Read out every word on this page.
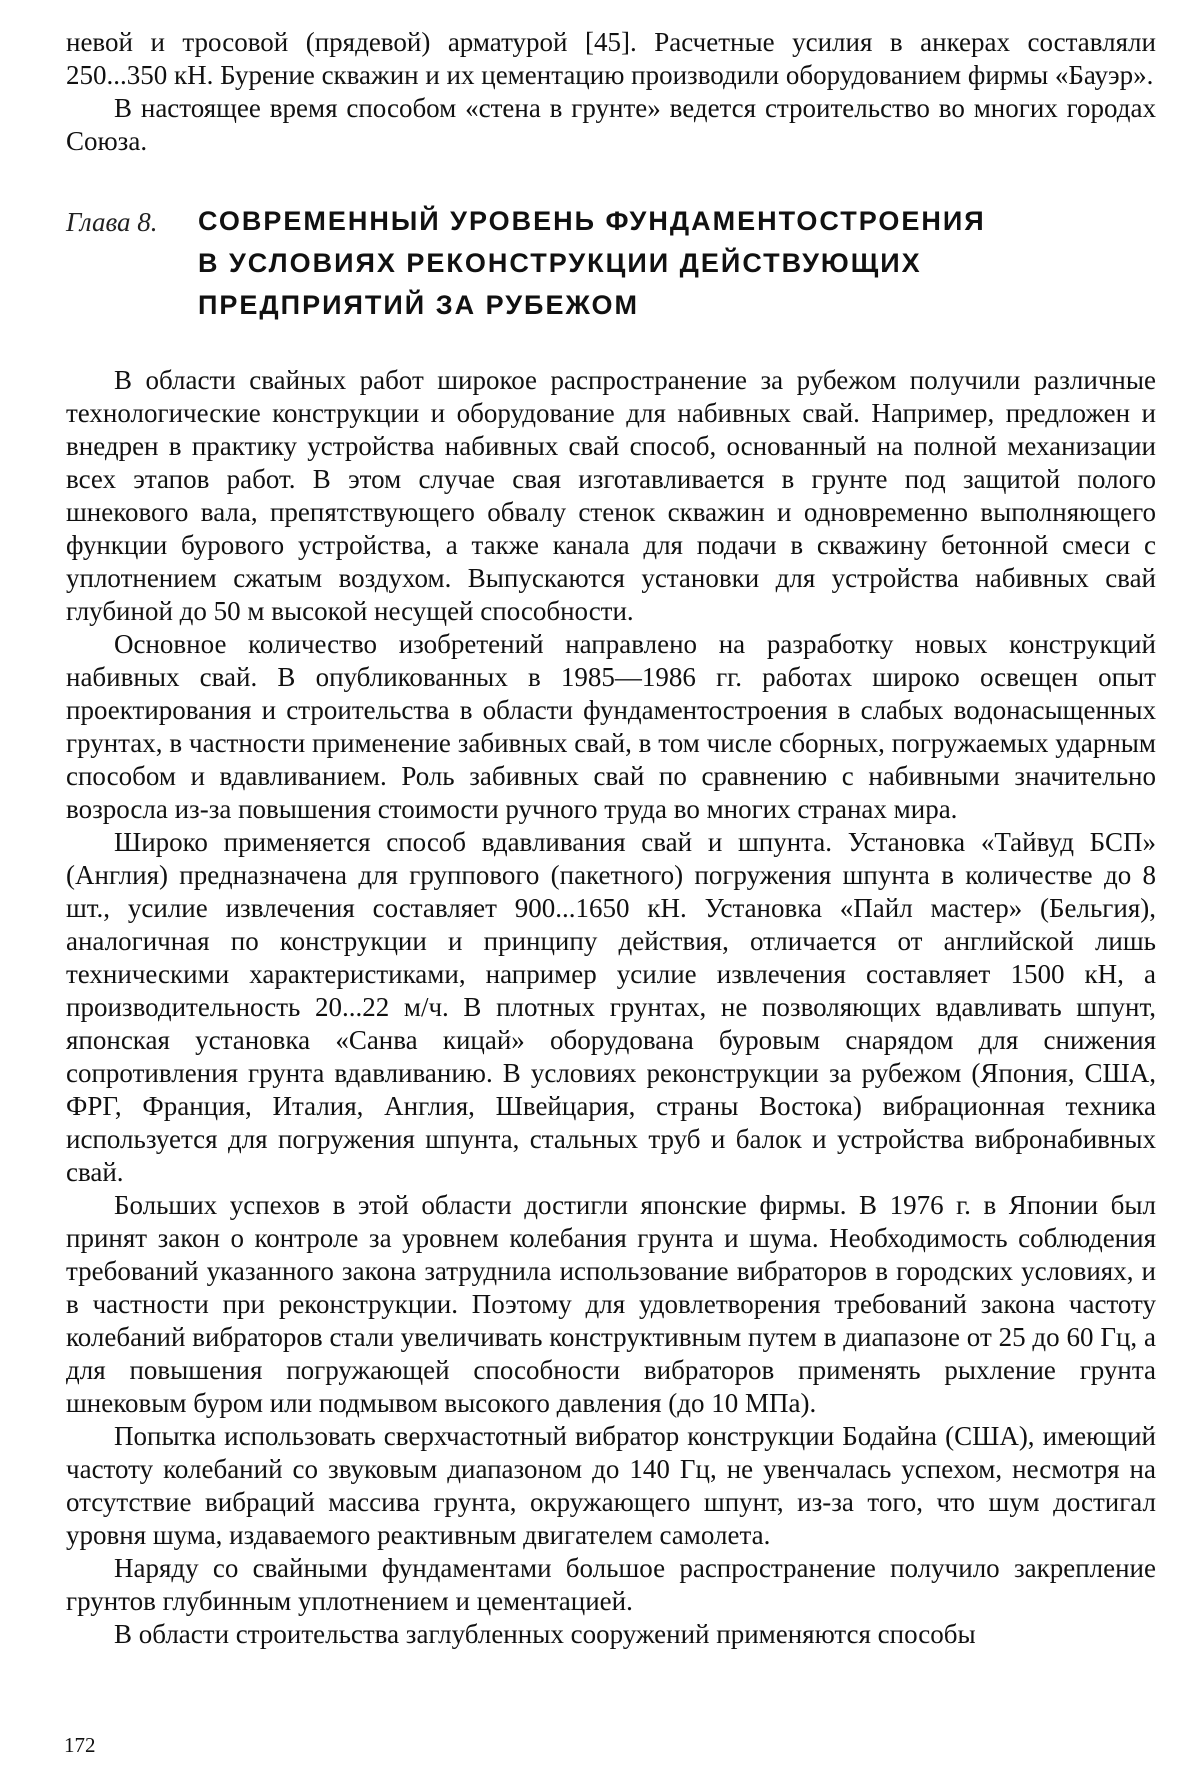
невой и тросовой (прядевой) арматурой [45]. Расчетные усилия в анкерах составляли 250...350 кН. Бурение скважин и их цементацию производили оборудованием фирмы «Бауэр».

В настоящее время способом «стена в грунте» ведется строительство во многих городах Союза.

Глава 8. СОВРЕМЕННЫЙ УРОВЕНЬ ФУНДАМЕНТОСТРОЕНИЯ
В УСЛОВИЯХ РЕКОНСТРУКЦИИ ДЕЙСТВУЮЩИХ
ПРЕДПРИЯТИЙ ЗА РУБЕЖОМ

В области свайных работ широкое распространение за рубежом получили различные технологические конструкции и оборудование для набивных свай. Например, предложен и внедрен в практику устройства набивных свай способ, основанный на полной механизации всех этапов работ. В этом случае свая изготавливается в грунте под защитой полого шнекового вала, препятствующего обвалу стенок скважин и одновременно выполняющего функции бурового устройства, а также канала для подачи в скважину бетонной смеси с уплотнением сжатым воздухом. Выпускаются установки для устройства набивных свай глубиной до 50 м высокой несущей способности.

Основное количество изобретений направлено на разработку новых конструкций набивных свай. В опубликованных в 1985—1986 гг. работах широко освещен опыт проектирования и строительства в области фундаментостроения в слабых водонасыщенных грунтах, в частности применение забивных свай, в том числе сборных, погружаемых ударным способом и вдавливанием. Роль забивных свай по сравнению с набивными значительно возросла из-за повышения стоимости ручного труда во многих странах мира.

Широко применяется способ вдавливания свай и шпунта. Установка «Тайвуд БСП» (Англия) предназначена для группового (пакетного) погружения шпунта в количестве до 8 шт., усилие извлечения составляет 900...1650 кН. Установка «Пайл мастер» (Бельгия), аналогичная по конструкции и принципу действия, отличается от английской лишь техническими характеристиками, например усилие извлечения составляет 1500 кН, а производительность 20...22 м/ч. В плотных грунтах, не позволяющих вдавливать шпунт, японская установка «Санва кицай» оборудована буровым снарядом для снижения сопротивления грунта вдавливанию. В условиях реконструкции за рубежом (Япония, США, ФРГ, Франция, Италия, Англия, Швейцария, страны Востока) вибрационная техника используется для погружения шпунта, стальных труб и балок и устройства вибронабивных свай.

Больших успехов в этой области достигли японские фирмы. В 1976 г. в Японии был принят закон о контроле за уровнем колебания грунта и шума. Необходимость соблюдения требований указанного закона затруднила использование вибраторов в городских условиях, и в частности при реконструкции. Поэтому для удовлетворения требований закона частоту колебаний вибраторов стали увеличивать конструктивным путем в диапазоне от 25 до 60 Гц, а для повышения погружающей способности вибраторов применять рыхление грунта шнековым буром или подмывом высокого давления (до 10 МПа).

Попытка использовать сверхчастотный вибратор конструкции Бодайна (США), имеющий частоту колебаний со звуковым диапазоном до 140 Гц, не увенчалась успехом, несмотря на отсутствие вибраций массива грунта, окружающего шпунт, из-за того, что шум достигал уровня шума, издаваемого реактивным двигателем самолета.

Наряду со свайными фундаментами большое распространение получило закрепление грунтов глубинным уплотнением и цементацией.

В области строительства заглубленных сооружений применяются способы

172
